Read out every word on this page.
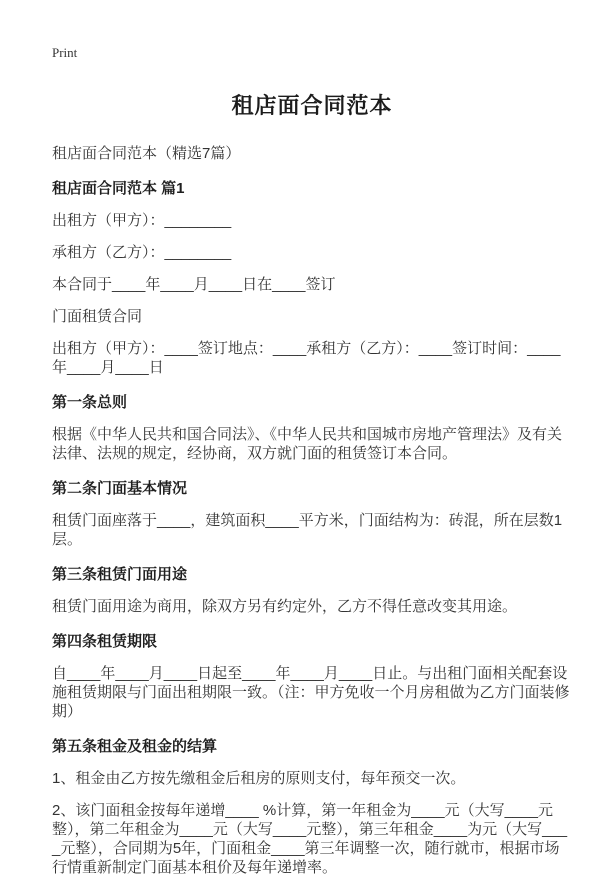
Print
租店面合同范本

租店面合同范本（精选7篇）

租店面合同范本 篇1

出租方（甲方）：________

承租方（乙方）：________

本合同于____年____月____日在____签订

门面租赁合同

出租方（甲方）：____签订地点：____承租方（乙方）：____签订时间：____年____月____日

第一条总则

根据《中华人民共和国合同法》、《中华人民共和国城市房地产管理法》及有关法律、法规的规定，经协商，双方就门面的租赁签订本合同。

第二条门面基本情况

租赁门面座落于____，建筑面积____平方米，门面结构为：砖混，所在层数1层。

第三条租赁门面用途

租赁门面用途为商用，除双方另有约定外，乙方不得任意改变其用途。

第四条租赁期限

自____年____月____日起至____年____月____日止。与出租门面相关配套设施租赁期限与门面出租期限一致。（注：甲方免收一个月房租做为乙方门面装修期）

第五条租金及租金的结算

1、租金由乙方按先缴租金后租房的原则支付，每年预交一次。

2、该门面租金按每年递增____ %计算，第一年租金为____元（大写____元整），第二年租金为____元（大写____元整），第三年租金____为元（大写____元整），合同期为5年，门面租金____第三年调整一次，随行就市，根据市场行情重新制定门面基本租价及每年递增率。
